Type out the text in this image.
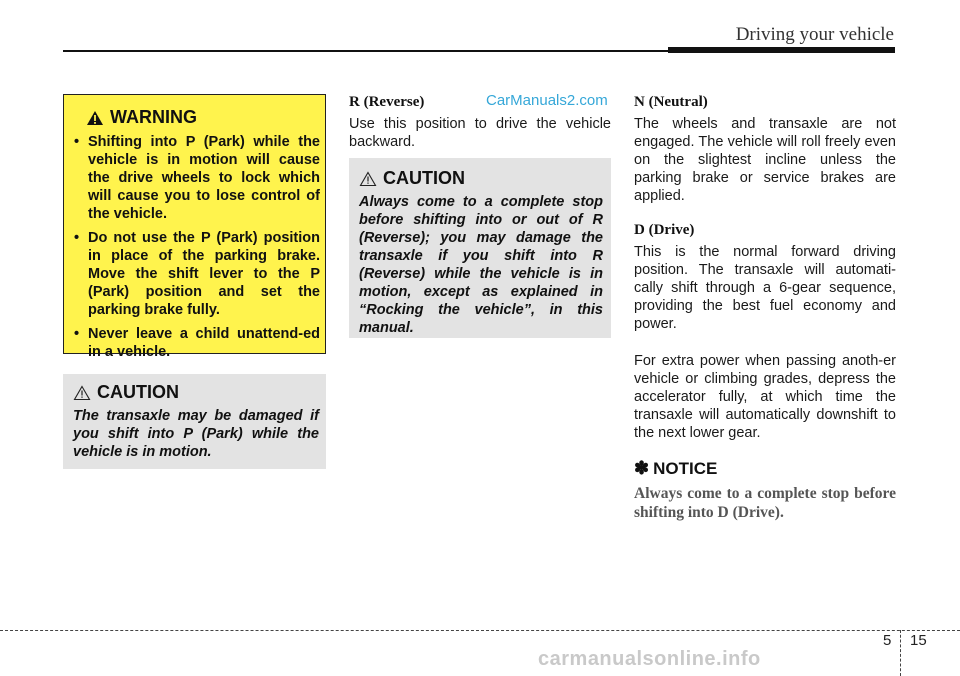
Driving your vehicle
WARNING
• Shifting into P (Park) while the vehicle is in motion will cause the drive wheels to lock which will cause you to lose control of the vehicle.
• Do not use the P (Park) position in place of the parking brake. Move the shift lever to the P (Park) position and set the parking brake fully.
• Never leave a child unattend-ed in a vehicle.
CAUTION
The transaxle may be damaged if you shift into P (Park) while the vehicle is in motion.
R (Reverse)	CarManuals2.com

Use this position to drive the vehicle backward.

CAUTION
Always come to a complete stop before shifting into or out of R (Reverse); you may damage the transaxle if you shift into R (Reverse) while the vehicle is in motion, except as explained in “Rocking the vehicle”, in this manual.
N (Neutral)

The wheels and transaxle are not engaged. The vehicle will roll freely even on the slightest incline unless the parking brake or service brakes are applied.

D (Drive)

This is the normal forward driving position. The transaxle will automati-cally shift through a 6-gear sequence, providing the best fuel economy and power.

For extra power when passing anoth-er vehicle or climbing grades, depress the accelerator fully, at which time the transaxle will automatically downshift to the next lower gear.

✽ NOTICE

Always come to a complete stop before shifting into D (Drive).

5 15
carmanualsonline.info
